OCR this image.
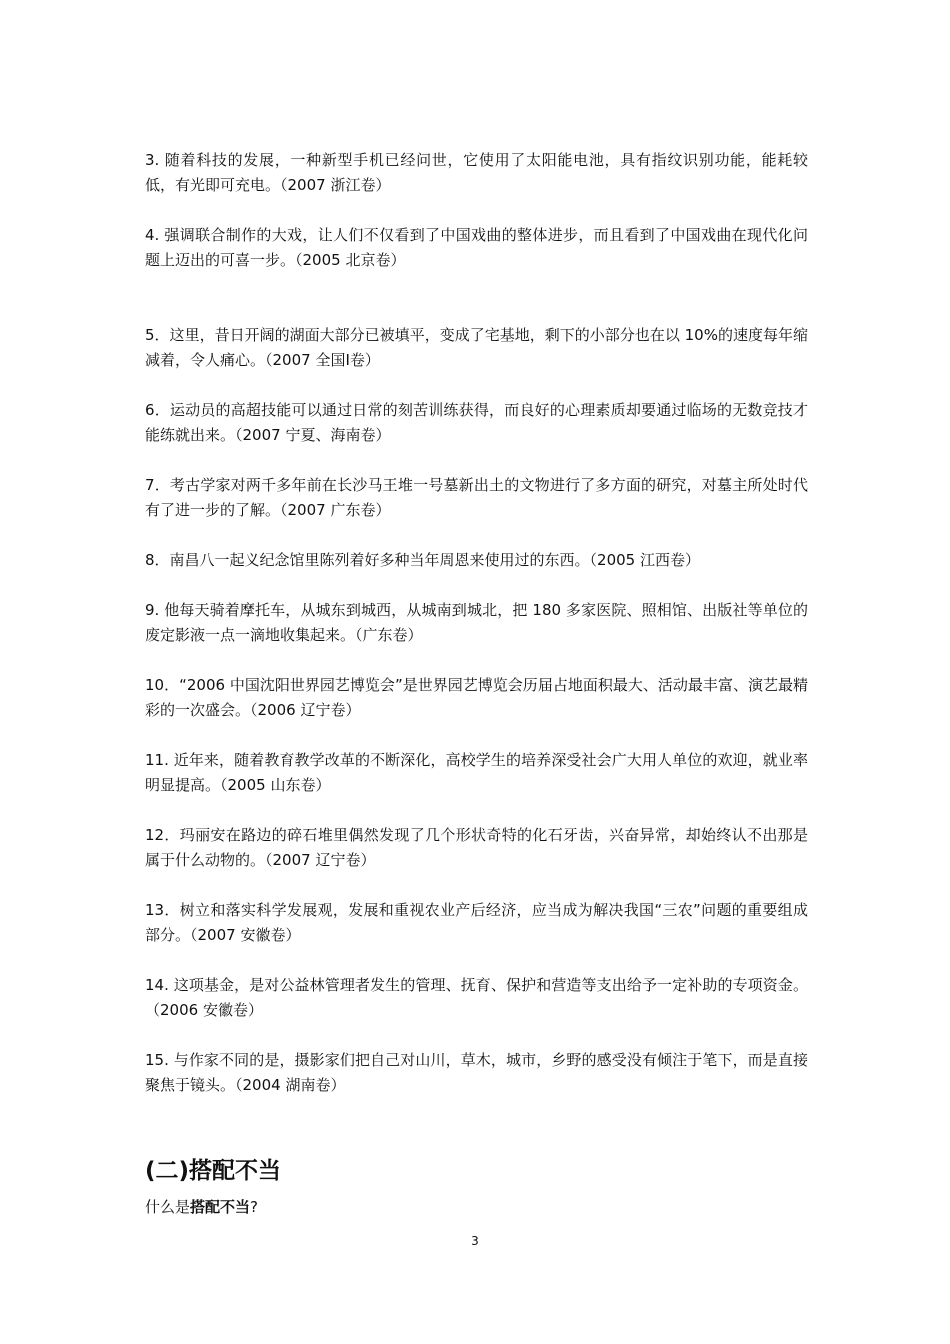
3. 随着科技的发展，一种新型手机已经问世，它使用了太阳能电池，具有指纹识别功能，能耗较低，有光即可充电。（2007 浙江卷）

4. 强调联合制作的大戏，让人们不仅看到了中国戏曲的整体进步，而且看到了中国戏曲在现代化问题上迈出的可喜一步。（2005 北京卷）

5．这里，昔日开阔的湖面大部分已被填平，变成了宅基地，剩下的小部分也在以 10%的速度每年缩减着，令人痛心。（2007 全国Ⅰ卷）

6．运动员的高超技能可以通过日常的刻苦训练获得，而良好的心理素质却要通过临场的无数竞技才能练就出来。（2007 宁夏、海南卷）

7．考古学家对两千多年前在长沙马王堆一号墓新出土的文物进行了多方面的研究，对墓主所处时代有了进一步的了解。（2007 广东卷）

8．南昌八一起义纪念馆里陈列着好多种当年周恩来使用过的东西。（2005 江西卷）

9. 他每天骑着摩托车，从城东到城西，从城南到城北，把 180 多家医院、照相馆、出版社等单位的废定影液一点一滴地收集起来。（广东卷）

10．“2006 中国沈阳世界园艺博览会”是世界园艺博览会历届占地面积最大、活动最丰富、演艺最精彩的一次盛会。（2006 辽宁卷）

11. 近年来，随着教育教学改革的不断深化，高校学生的培养深受社会广大用人单位的欢迎，就业率明显提高。（2005 山东卷）

12．玛丽安在路边的碎石堆里偶然发现了几个形状奇特的化石牙齿，兴奋异常，却始终认不出那是属于什么动物的。（2007 辽宁卷）

13．树立和落实科学发展观，发展和重视农业产后经济，应当成为解决我国“三农”问题的重要组成部分。（2007 安徽卷）

14. 这项基金，是对公益林管理者发生的管理、抚育、保护和营造等支出给予一定补助的专项资金。（2006 安徽卷）

15. 与作家不同的是，摄影家们把自己对山川，草木，城市，乡野的感受没有倾注于笔下，而是直接聚焦于镜头。（2004 湖南卷）

(二)搭配不当

什么是搭配不当?

3
